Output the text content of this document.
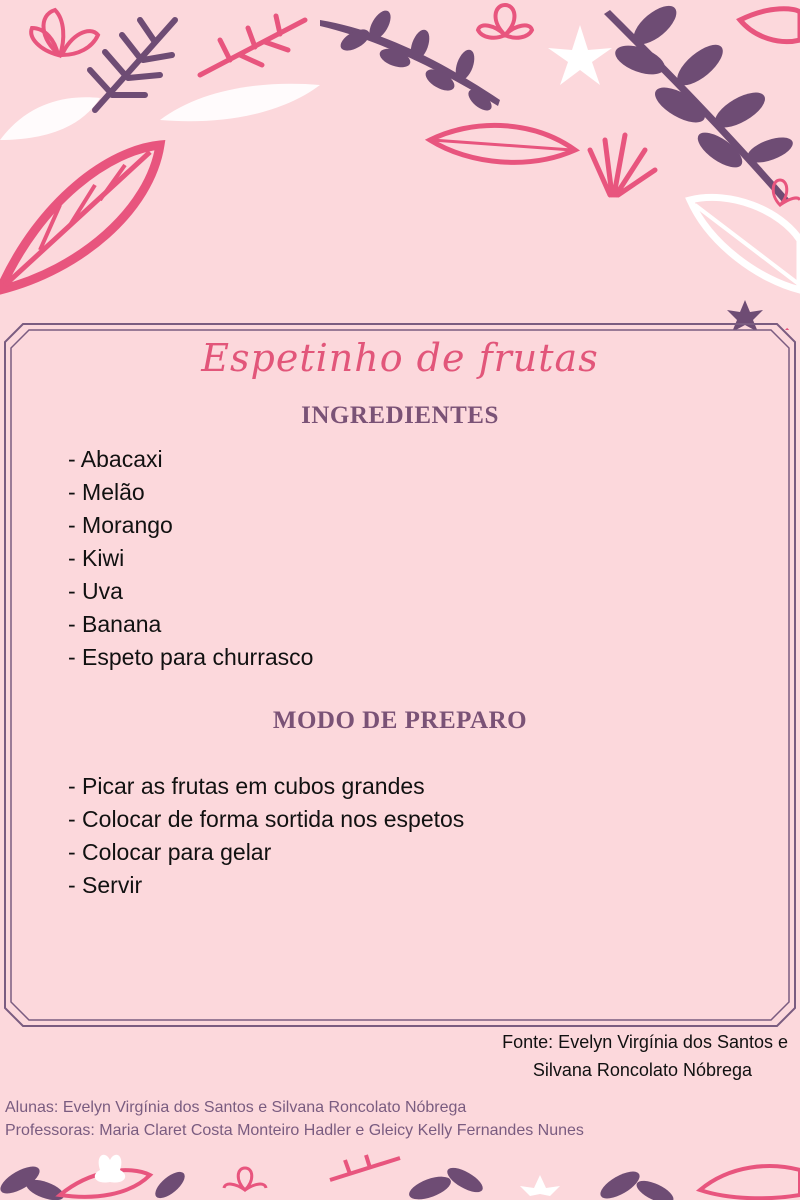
Espetinho de frutas
INGREDIENTES
- Abacaxi
- Melão
- Morango
- Kiwi
- Uva
- Banana
- Espeto para churrasco
MODO DE PREPARO
- Picar as frutas em cubos grandes
- Colocar de forma sortida nos espetos
- Colocar para gelar
- Servir
Fonte: Evelyn Virgínia dos Santos e
Silvana Roncolato Nóbrega
Alunas: Evelyn Virgínia dos Santos e Silvana Roncolato Nóbrega
Professoras: Maria Claret Costa Monteiro Hadler e Gleicy Kelly Fernandes Nunes
